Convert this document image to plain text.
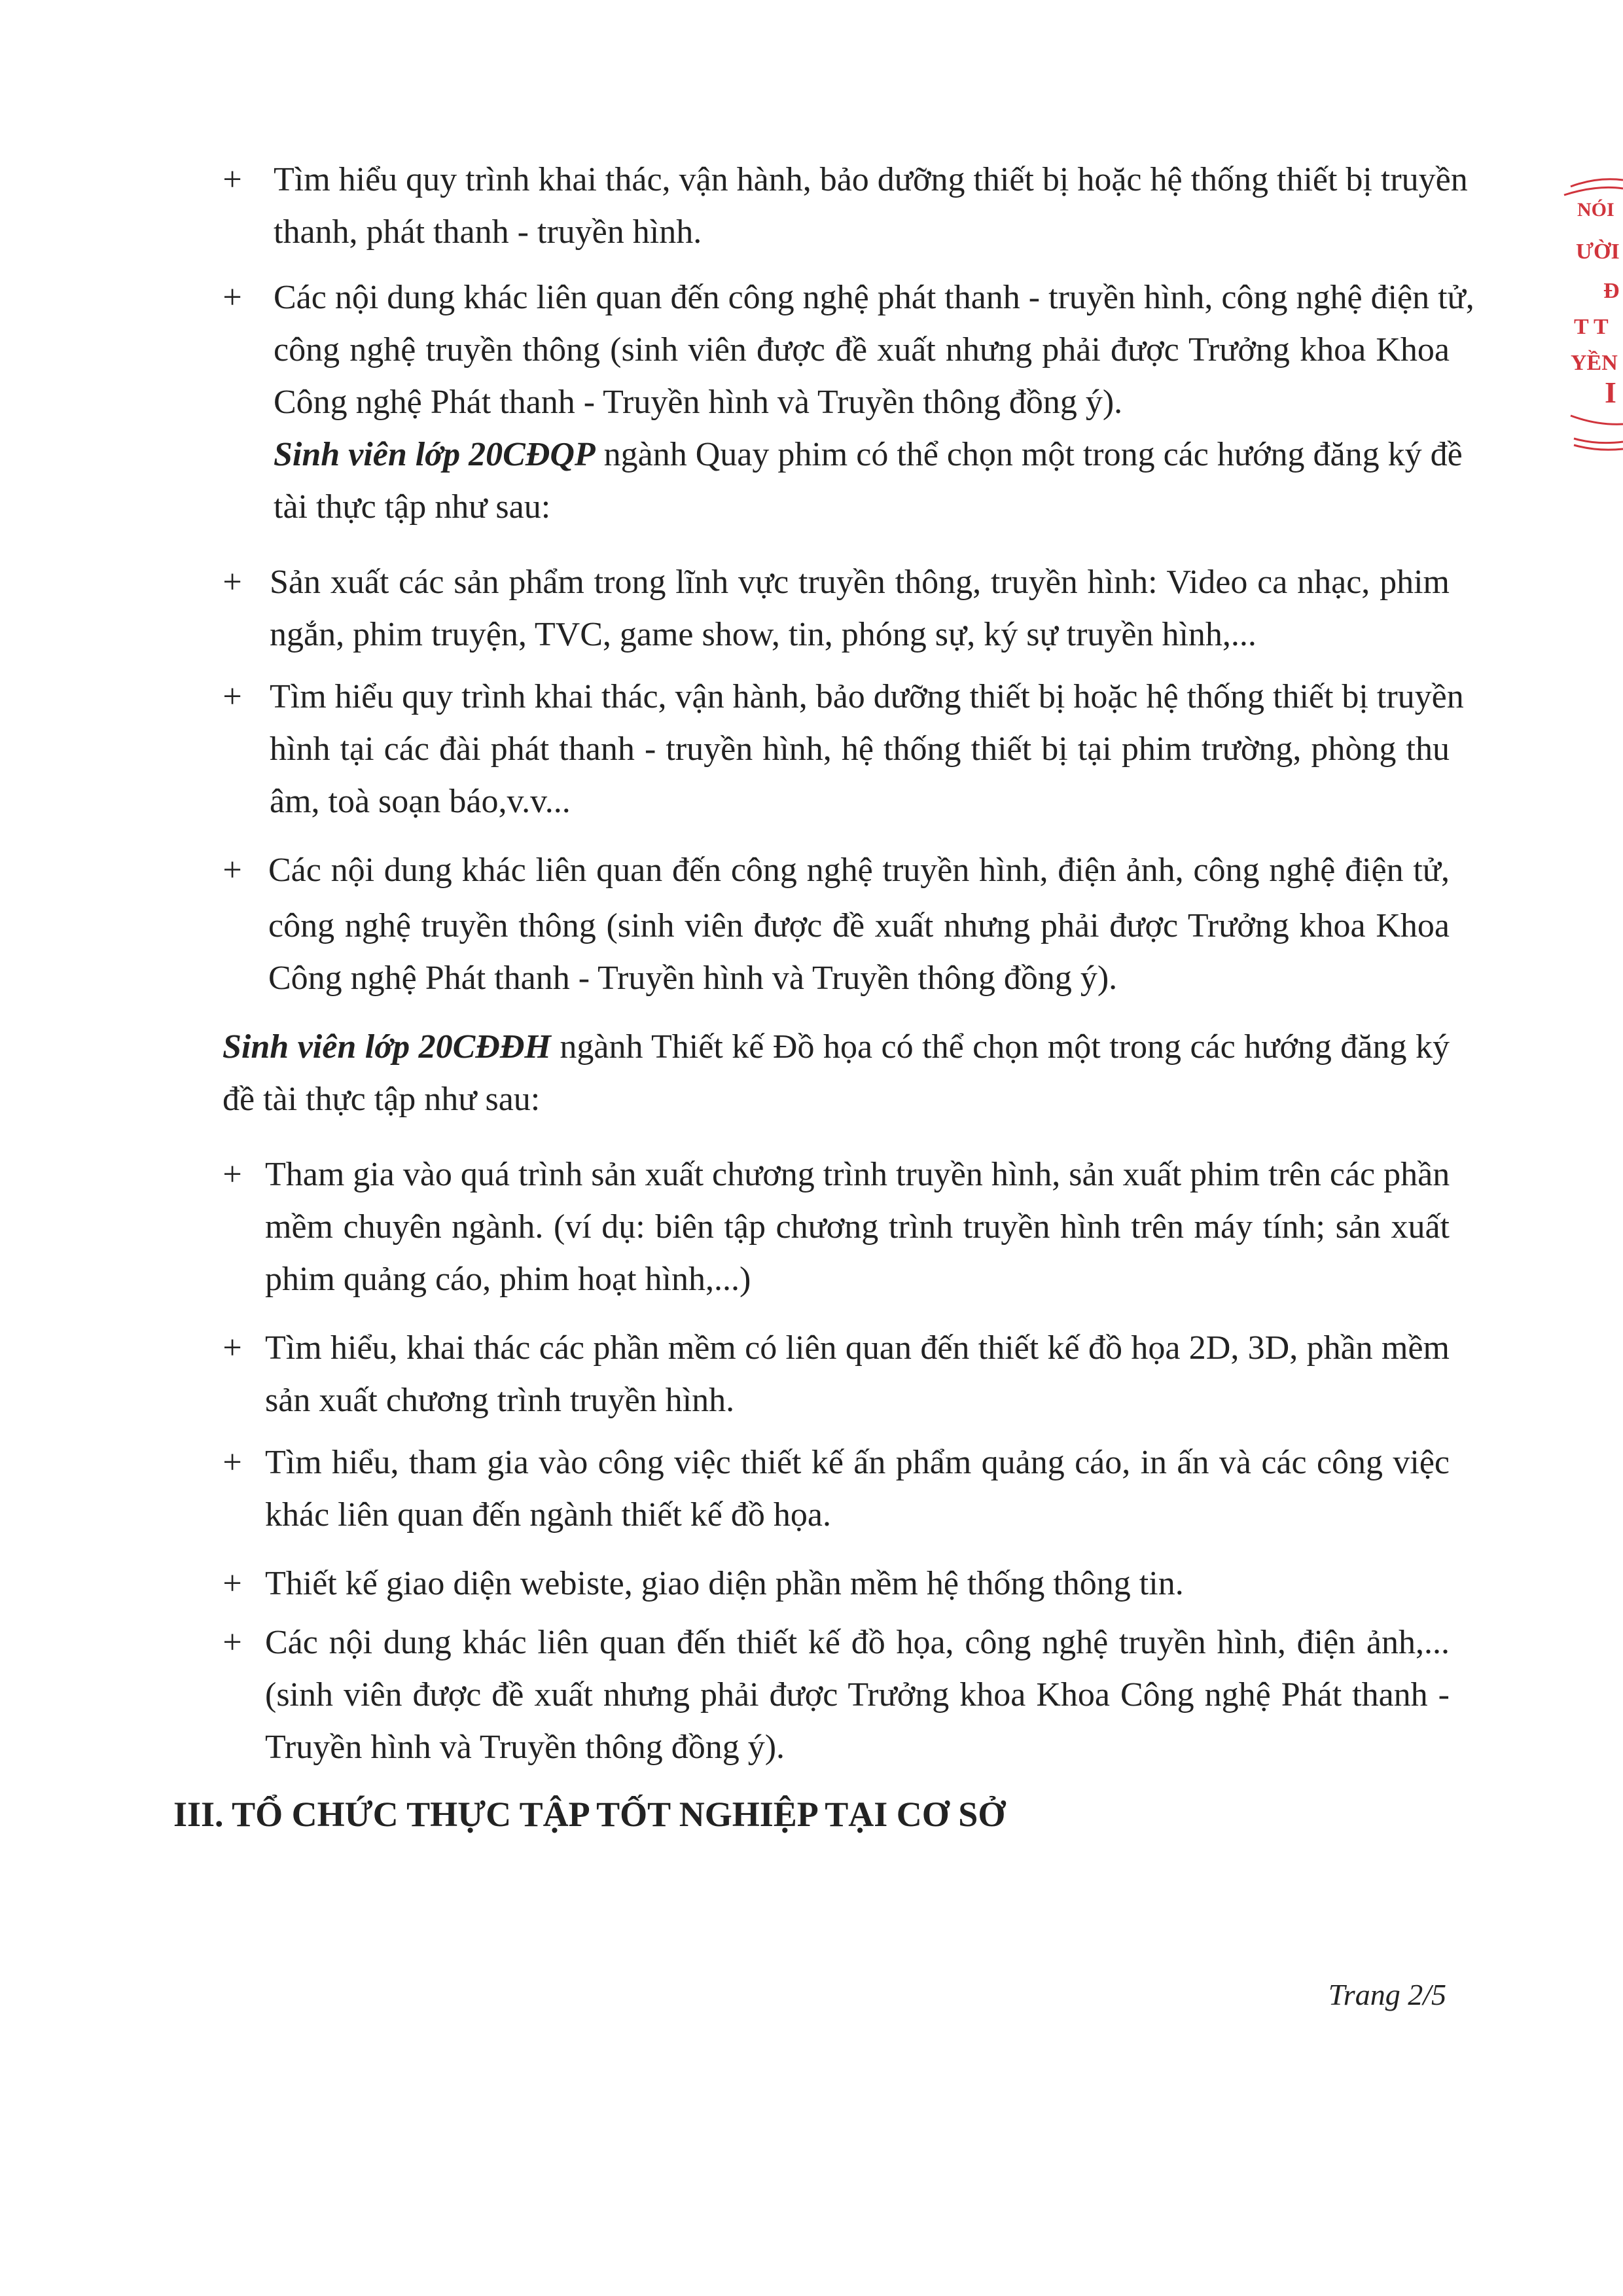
+ Tìm hiểu quy trình khai thác, vận hành, bảo dưỡng thiết bị hoặc hệ thống thiết bị truyền
thanh, phát thanh - truyền hình.
+ Các nội dung khác liên quan đến công nghệ phát thanh - truyền hình, công nghệ điện tử,
công nghệ truyền thông (sinh viên được đề xuất nhưng phải được Trưởng khoa Khoa
Công nghệ Phát thanh - Truyền hình và Truyền thông đồng ý).
Sinh viên lớp 20CĐQP ngành Quay phim có thể chọn một trong các hướng đăng ký đề
tài thực tập như sau:
+ Sản xuất các sản phẩm trong lĩnh vực truyền thông, truyền hình: Video ca nhạc, phim
ngắn, phim truyện, TVC, game show, tin, phóng sự, ký sự truyền hình,...
+ Tìm hiểu quy trình khai thác, vận hành, bảo dưỡng thiết bị hoặc hệ thống thiết bị truyền
hình tại các đài phát thanh - truyền hình, hệ thống thiết bị tại phim trường, phòng thu
âm, toà soạn báo,v.v...
+ Các nội dung khác liên quan đến công nghệ truyền hình, điện ảnh, công nghệ điện tử,
công nghệ truyền thông (sinh viên được đề xuất nhưng phải được Trưởng khoa Khoa
Công nghệ Phát thanh - Truyền hình và Truyền thông đồng ý).
Sinh viên lớp 20CĐĐH ngành Thiết kế Đồ họa có thể chọn một trong các hướng đăng ký
đề tài thực tập như sau:
+ Tham gia vào quá trình sản xuất chương trình truyền hình, sản xuất phim trên các phần
mềm chuyên ngành. (ví dụ: biên tập chương trình truyền hình trên máy tính; sản xuất
phim quảng cáo, phim hoạt hình,...)
+ Tìm hiểu, khai thác các phần mềm có liên quan đến thiết kế đồ họa 2D, 3D, phần mềm
sản xuất chương trình truyền hình.
+ Tìm hiểu, tham gia vào công việc thiết kế ấn phẩm quảng cáo, in ấn và các công việc
khác liên quan đến ngành thiết kế đồ họa.
+ Thiết kế giao diện webiste, giao diện phần mềm hệ thống thông tin.
+ Các nội dung khác liên quan đến thiết kế đồ họa, công nghệ truyền hình, điện ảnh,...
(sinh viên được đề xuất nhưng phải được Trưởng khoa Khoa Công nghệ Phát thanh -
Truyền hình và Truyền thông đồng ý).
III. TỔ CHỨC THỰC TẬP TỐT NGHIỆP TẠI CƠ SỞ
Trang 2/5
NÓI
ƯỜI
Đ
T T
YỀN
I
